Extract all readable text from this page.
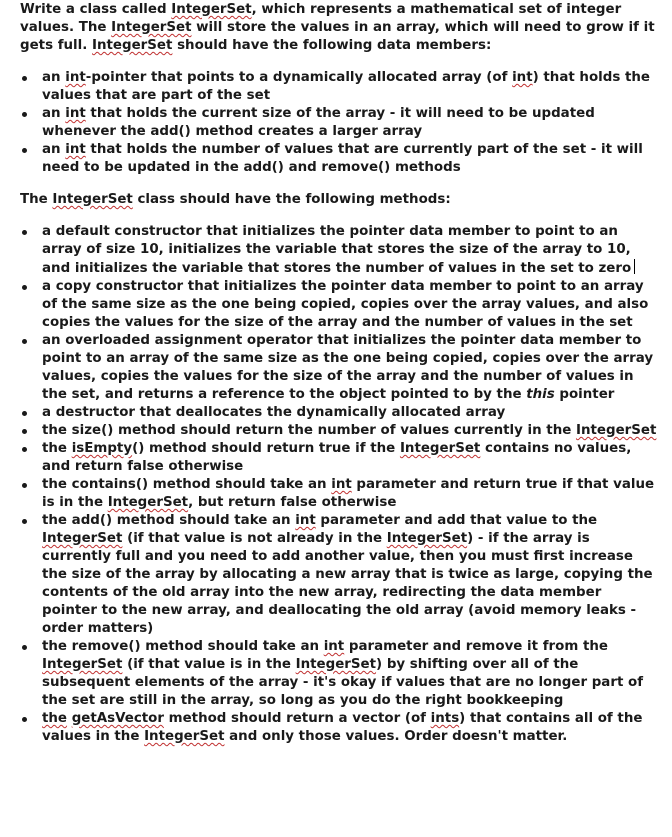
Write a class called IntegerSet, which represents a mathematical set of integer values. The IntegerSet will store the values in an array, which will need to grow if it gets full. IntegerSet should have the following data members:

an int-pointer that points to a dynamically allocated array (of int) that holds the values that are part of the set
an int that holds the current size of the array - it will need to be updated whenever the add() method creates a larger array
an int that holds the number of values that are currently part of the set - it will need to be updated in the add() and remove() methods

The IntegerSet class should have the following methods:

a default constructor that initializes the pointer data member to point to an array of size 10, initializes the variable that stores the size of the array to 10, and initializes the variable that stores the number of values in the set to zero
a copy constructor that initializes the pointer data member to point to an array of the same size as the one being copied, copies over the array values, and also copies the values for the size of the array and the number of values in the set
an overloaded assignment operator that initializes the pointer data member to point to an array of the same size as the one being copied, copies over the array values, copies the values for the size of the array and the number of values in the set, and returns a reference to the object pointed to by the this pointer
a destructor that deallocates the dynamically allocated array
the size() method should return the number of values currently in the IntegerSet
the isEmpty() method should return true if the IntegerSet contains no values, and return false otherwise
the contains() method should take an int parameter and return true if that value is in the IntegerSet, but return false otherwise
the add() method should take an int parameter and add that value to the IntegerSet (if that value is not already in the IntegerSet) - if the array is currently full and you need to add another value, then you must first increase the size of the array by allocating a new array that is twice as large, copying the contents of the old array into the new array, redirecting the data member pointer to the new array, and deallocating the old array (avoid memory leaks - order matters)
the remove() method should take an int parameter and remove it from the IntegerSet (if that value is in the IntegerSet) by shifting over all of the subsequent elements of the array - it's okay if values that are no longer part of the set are still in the array, so long as you do the right bookkeeping
the getAsVector method should return a vector (of ints) that contains all of the values in the IntegerSet and only those values. Order doesn't matter.
